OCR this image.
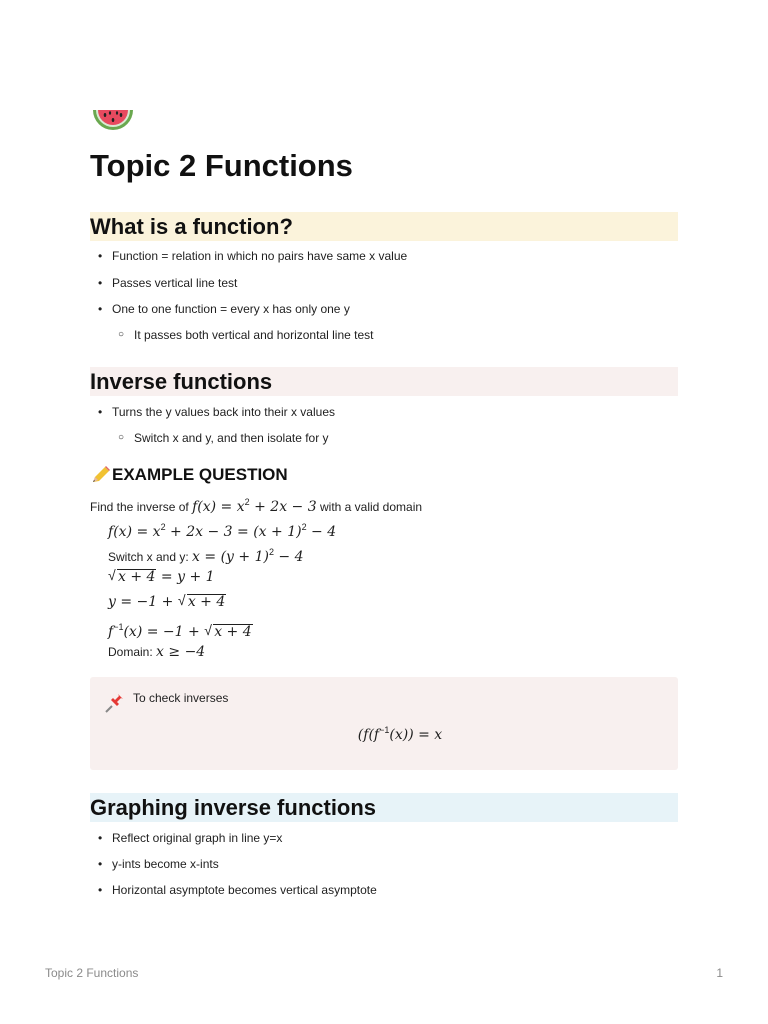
Topic 2 Functions
What is a function?
• Function = relation in which no pairs have same x value
• Passes vertical line test
• One to one function = every x has only one y
○ It passes both vertical and horizontal line test
Inverse functions
• Turns the y values back into their x values
○ Switch x and y, and then isolate for y
EXAMPLE QUESTION
Find the inverse of $f(x) = x^2 + 2x - 3$ with a valid domain
$f(x) = x^2 + 2x - 3 = (x + 1)^2 - 4$
Switch x and y: $x = (y + 1)^2 - 4$
√ x + 4 = y + 1
y = −1 + √ x + 4
$f^{-1}(x) = -1$ + √ x + 4
Domain: x ≥ −4
To check inverses
($f(f^{-1}(x)) = x$
Graphing inverse functions
• Reflect original graph in line y=x
• y-ints become x-ints
• Horizontal asymptote becomes vertical asymptote
Topic 2 Functions	1
